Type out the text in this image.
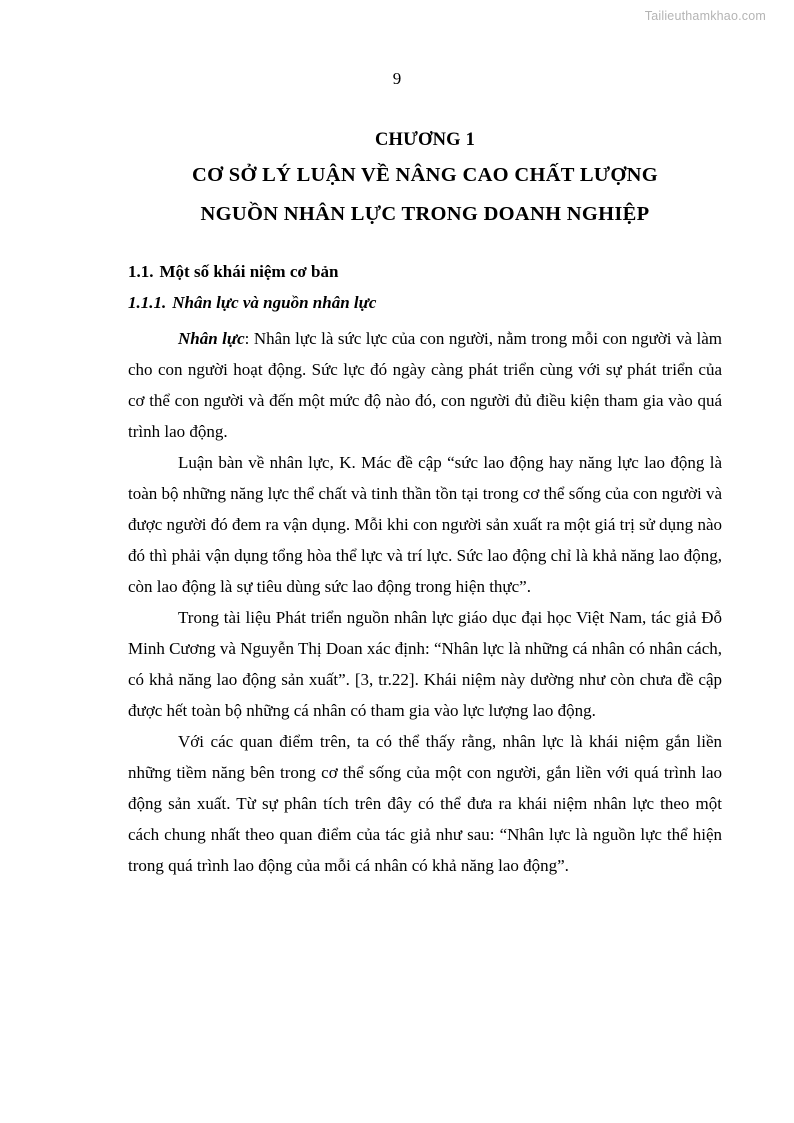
Tailieuthamkhao.com
9
CHƯƠNG 1
CƠ SỞ LÝ LUẬN VỀ NÂNG CAO CHẤT LƯỢNG
NGUỒN NHÂN LỰC TRONG DOANH NGHIỆP
1.1. Một số khái niệm cơ bản
1.1.1. Nhân lực và nguồn nhân lực

Nhân lực: Nhân lực là sức lực của con người, nằm trong mỗi con người và làm cho con người hoạt động. Sức lực đó ngày càng phát triển cùng với sự phát triển của cơ thể con người và đến một mức độ nào đó, con người đủ điều kiện tham gia vào quá trình lao động.

Luận bàn về nhân lực, K. Mác đề cập “sức lao động hay năng lực lao động là toàn bộ những năng lực thể chất và tinh thần tồn tại trong cơ thể sống của con người và được người đó đem ra vận dụng. Mỗi khi con người sản xuất ra một giá trị sử dụng nào đó thì phải vận dụng tổng hòa thể lực và trí lực. Sức lao động chỉ là khả năng lao động, còn lao động là sự tiêu dùng sức lao động trong hiện thực”.

Trong tài liệu Phát triển nguồn nhân lực giáo dục đại học Việt Nam, tác giả Đỗ Minh Cương và Nguyễn Thị Doan xác định: “Nhân lực là những cá nhân có nhân cách, có khả năng lao động sản xuất”. [3, tr.22]. Khái niệm này dường như còn chưa đề cập được hết toàn bộ những cá nhân có tham gia vào lực lượng lao động.

Với các quan điểm trên, ta có thể thấy rằng, nhân lực là khái niệm gắn liền những tiềm năng bên trong cơ thể sống của một con người, gắn liền với quá trình lao động sản xuất. Từ sự phân tích trên đây có thể đưa ra khái niệm nhân lực theo một cách chung nhất theo quan điểm của tác giả như sau: “Nhân lực là nguồn lực thể hiện trong quá trình lao động của mỗi cá nhân có khả năng lao động”.
